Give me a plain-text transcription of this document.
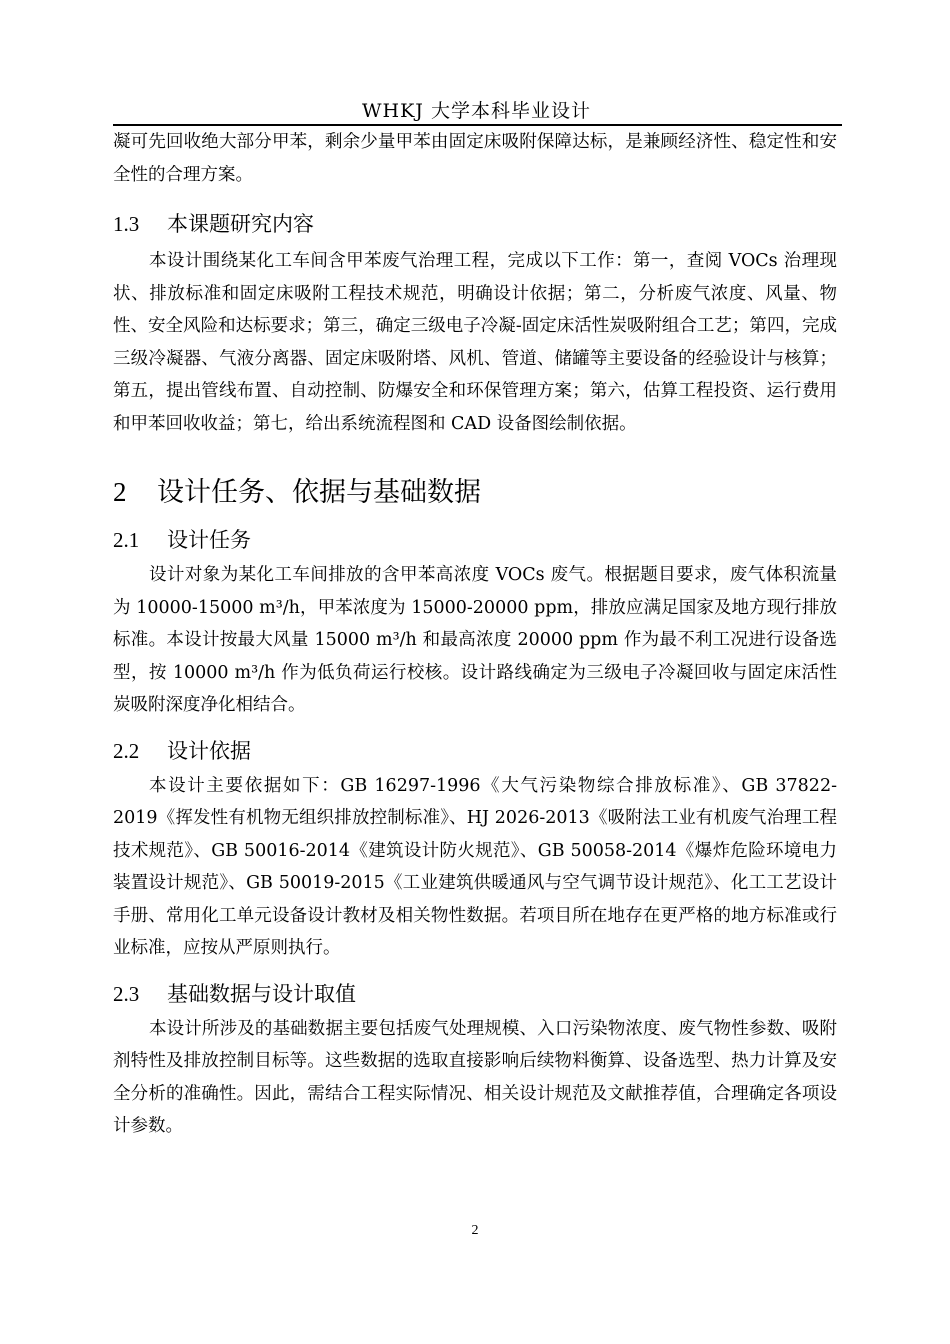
WHKJ 大学本科毕业设计

凝可先回收绝大部分甲苯，剩余少量甲苯由固定床吸附保障达标，是兼顾经济性、稳定性和安全性的合理方案。

1.3 本课题研究内容

本设计围绕某化工车间含甲苯废气治理工程，完成以下工作：第一，查阅 VOCs 治理现状、排放标准和固定床吸附工程技术规范，明确设计依据；第二，分析废气浓度、风量、物性、安全风险和达标要求；第三，确定三级电子冷凝-固定床活性炭吸附组合工艺；第四，完成三级冷凝器、气液分离器、固定床吸附塔、风机、管道、储罐等主要设备的经验设计与核算；第五，提出管线布置、自动控制、防爆安全和环保管理方案；第六，估算工程投资、运行费用和甲苯回收收益；第七，给出系统流程图和 CAD 设备图绘制依据。

2 设计任务、依据与基础数据
2.1 设计任务

设计对象为某化工车间排放的含甲苯高浓度 VOCs 废气。根据题目要求，废气体积流量为 10000-15000 m³/h，甲苯浓度为 15000-20000 ppm，排放应满足国家及地方现行排放标准。本设计按最大风量 15000 m³/h 和最高浓度 20000 ppm 作为最不利工况进行设备选型，按 10000 m³/h 作为低负荷运行校核。设计路线确定为三级电子冷凝回收与固定床活性炭吸附深度净化相结合。

2.2 设计依据

本设计主要依据如下：GB 16297-1996《大气污染物综合排放标准》、GB 37822-2019《挥发性有机物无组织排放控制标准》、HJ 2026-2013《吸附法工业有机废气治理工程技术规范》、GB 50016-2014《建筑设计防火规范》、GB 50058-2014《爆炸危险环境电力装置设计规范》、GB 50019-2015《工业建筑供暖通风与空气调节设计规范》、化工工艺设计手册、常用化工单元设备设计教材及相关物性数据。若项目所在地存在更严格的地方标准或行业标准，应按从严原则执行。

2.3 基础数据与设计取值

本设计所涉及的基础数据主要包括废气处理规模、入口污染物浓度、废气物性参数、吸附剂特性及排放控制目标等。这些数据的选取直接影响后续物料衡算、设备选型、热力计算及安全分析的准确性。因此，需结合工程实际情况、相关设计规范及文献推荐值，合理确定各项设计参数。

2
